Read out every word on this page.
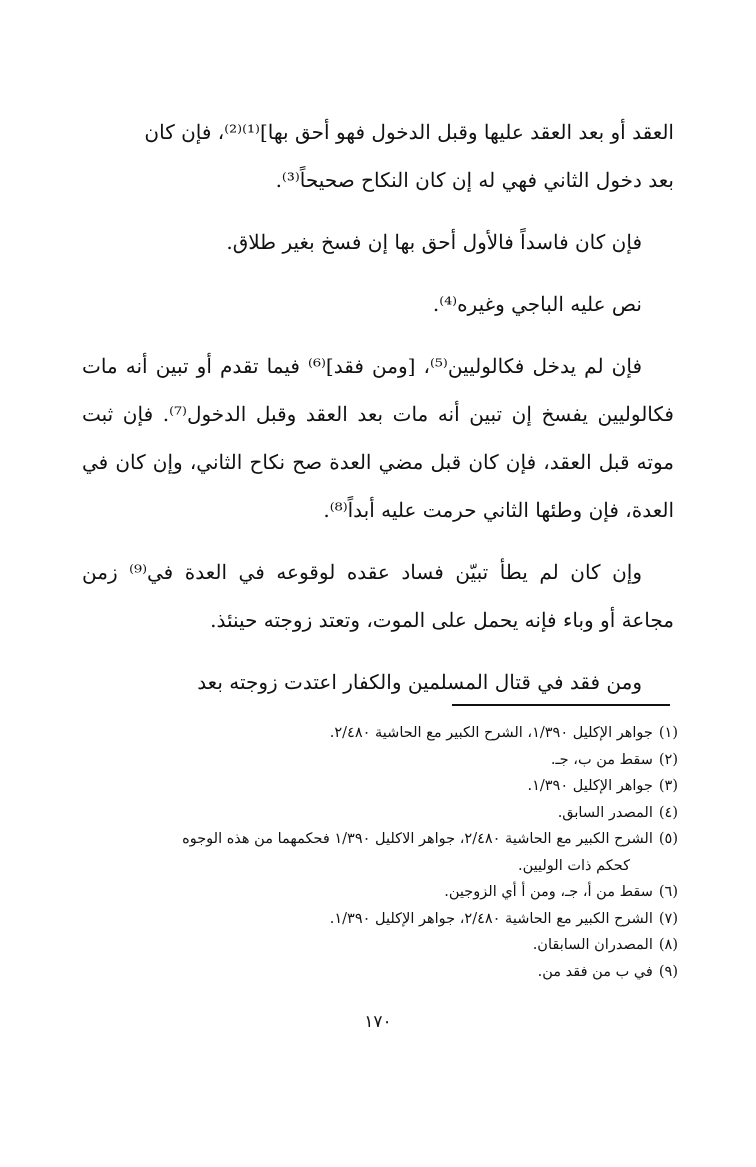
العقد أو بعد العقد عليها وقبل الدخول فهو أحق بها]⁽¹⁾⁽²⁾، فإن كان
بعد دخول الثاني فهي له إن كان النكاح صحيحاً⁽³⁾.

فإن كان فاسداً فالأول أحق بها إن فسخ بغير طلاق.

نص عليه الباجي وغيره⁽⁴⁾.

فإن لم يدخل فكالوليين⁽⁵⁾، [ومن فقد]⁽⁶⁾ فيما تقدم أو تبين أنه مات فكالوليين يفسخ إن تبين أنه مات بعد العقد وقبل الدخول⁽⁷⁾. فإن ثبت موته قبل العقد، فإن كان قبل مضي العدة صح نكاح الثاني، وإن كان في العدة، فإن وطئها الثاني حرمت عليه أبداً⁽⁸⁾.

وإن كان لم يطأ تبيّن فساد عقده لوقوعه في العدة في⁽⁹⁾ زمن مجاعة أو وباء فإنه يحمل على الموت، وتعتد زوجته حينئذ.

ومن فقد في قتال المسلمين والكفار اعتدت زوجته بعد

(١)جواهر الإكليل ١/٣٩٠، الشرح الكبير مع الحاشية ٢/٤٨٠.

(٢)سقط من ب، جـ.

(٣)جواهر الإكليل ١/٣٩٠.

(٤)المصدر السابق.

(٥)الشرح الكبير مع الحاشية ٢/٤٨٠، جواهر الاكليل ١/٣٩٠ فحكمهما من هذه الوجوه

كحكم ذات الوليين.

(٦)سقط من أ، جـ، ومن أ أي الزوجين.

(٧)الشرح الكبير مع الحاشية ٢/٤٨٠، جواهر الإكليل ١/٣٩٠.

(٨)المصدران السابقان.

(٩)في ب من فقد من.

١٧٠
